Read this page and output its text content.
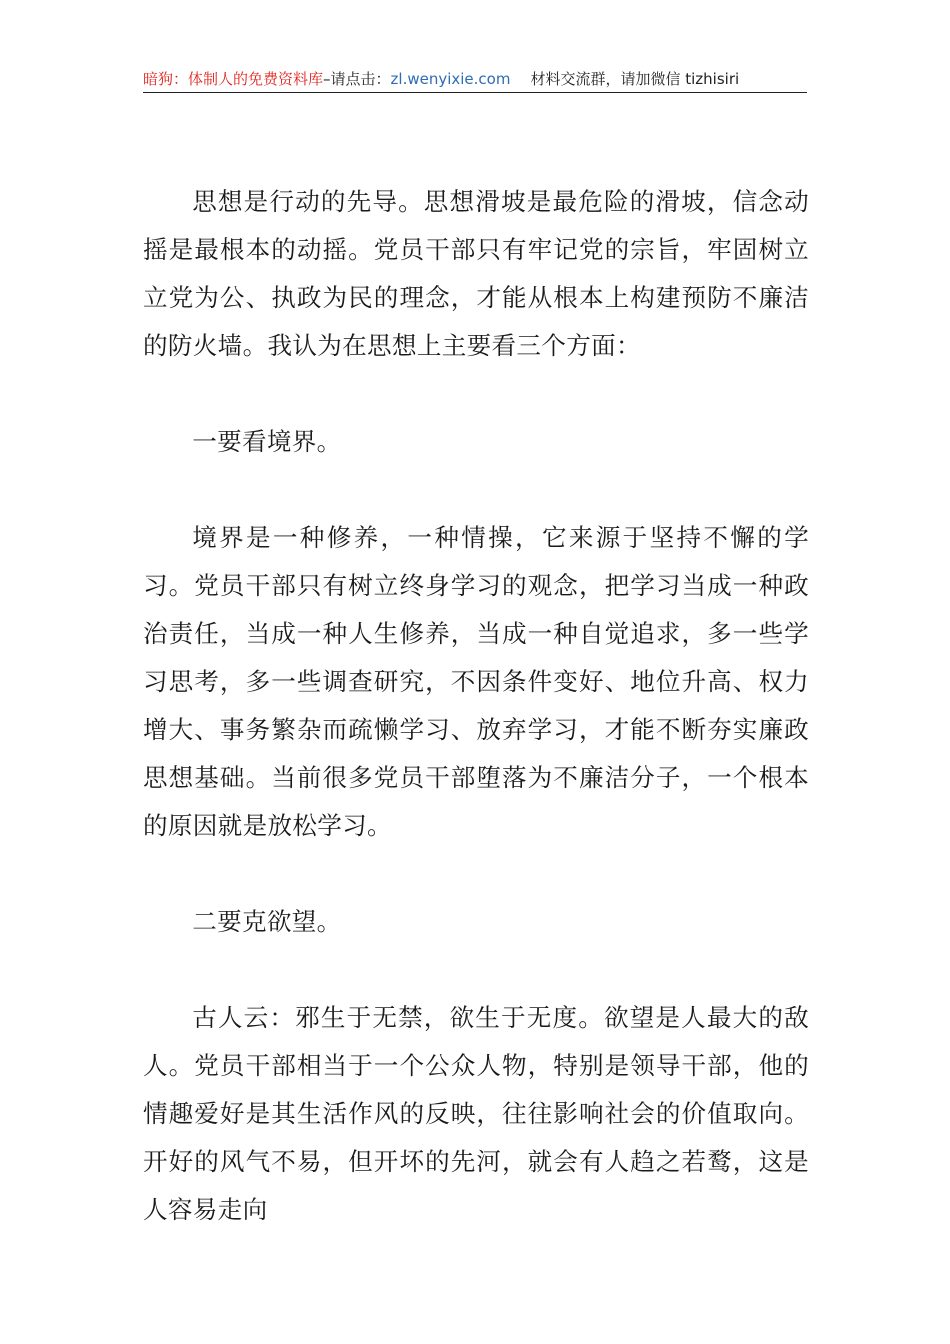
暗狗：体制人的免费资料库–请点击：zl.wenyixie.com 材料交流群，请加微信 tizhisiri

思想是行动的先导。思想滑坡是最危险的滑坡，信念动摇是最根本的动摇。党员干部只有牢记党的宗旨，牢固树立立党为公、执政为民的理念，才能从根本上构建预防不廉洁的防火墙。我认为在思想上主要看三个方面：

一要看境界。

境界是一种修养，一种情操，它来源于坚持不懈的学习。党员干部只有树立终身学习的观念，把学习当成一种政治责任，当成一种人生修养，当成一种自觉追求，多一些学习思考，多一些调查研究，不因条件变好、地位升高、权力增大、事务繁杂而疏懒学习、放弃学习，才能不断夯实廉政思想基础。当前很多党员干部堕落为不廉洁分子，一个根本的原因就是放松学习。

二要克欲望。

古人云：邪生于无禁，欲生于无度。欲望是人最大的敌人。党员干部相当于一个公众人物，特别是领导干部，他的情趣爱好是其生活作风的反映，往往影响社会的价值取向。开好的风气不易，但开坏的先河，就会有人趋之若鹜，这是人容易走向
